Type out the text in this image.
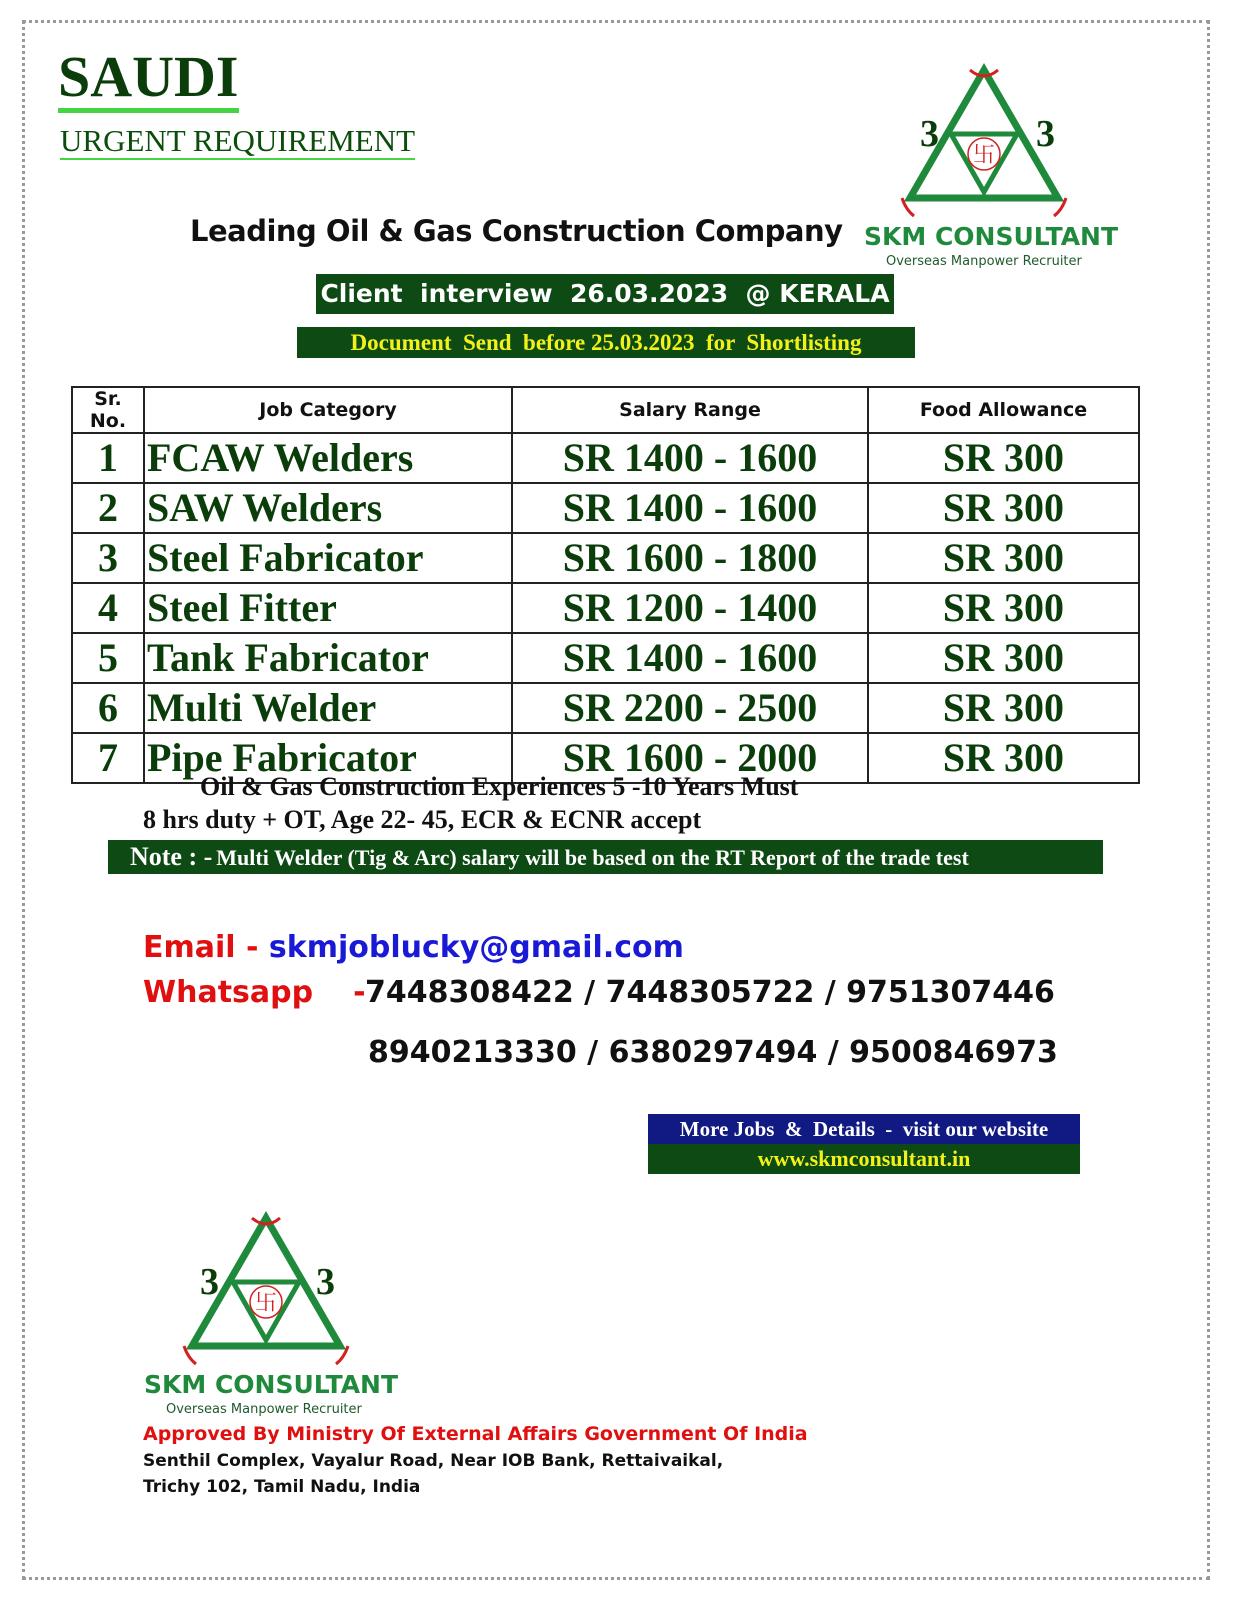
SAUDI
URGENT REQUIREMENT
Leading Oil & Gas Construction Company
3	3
卐
SKM CONSULTANT
Overseas Manpower Recruiter
Client  interview  26.03.2023  @ KERALA
Document  Send  before 25.03.2023  for  Shortlisting
Sr. No.	Job Category	Salary Range	Food Allowance
1	FCAW Welders	SR 1400 - 1600	SR 300
2	SAW Welders	SR 1400 - 1600	SR 300
3	Steel Fabricator	SR 1600 - 1800	SR 300
4	Steel Fitter	SR 1200 - 1400	SR 300
5	Tank Fabricator	SR 1400 - 1600	SR 300
6	Multi Welder	SR 2200 - 2500	SR 300
7	Pipe Fabricator	SR 1600 - 2000	SR 300
Oil & Gas Construction Experiences 5 -10 Years Must
8 hrs duty + OT, Age 22- 45, ECR & ECNR accept
Note : - Multi Welder (Tig & Arc) salary will be based on the RT Report of the trade test
Email - skmjoblucky@gmail.com
Whatsapp - 7448308422 / 7448305722 / 9751307446
8940213330 / 6380297494 / 9500846973
More Jobs  &  Details  -  visit our website
www.skmconsultant.in
3	3
卐
SKM CONSULTANT
Overseas Manpower Recruiter
Approved By Ministry Of External Affairs Government Of India
Senthil Complex, Vayalur Road, Near IOB Bank, Rettaivaikal,
Trichy 102, Tamil Nadu, India
